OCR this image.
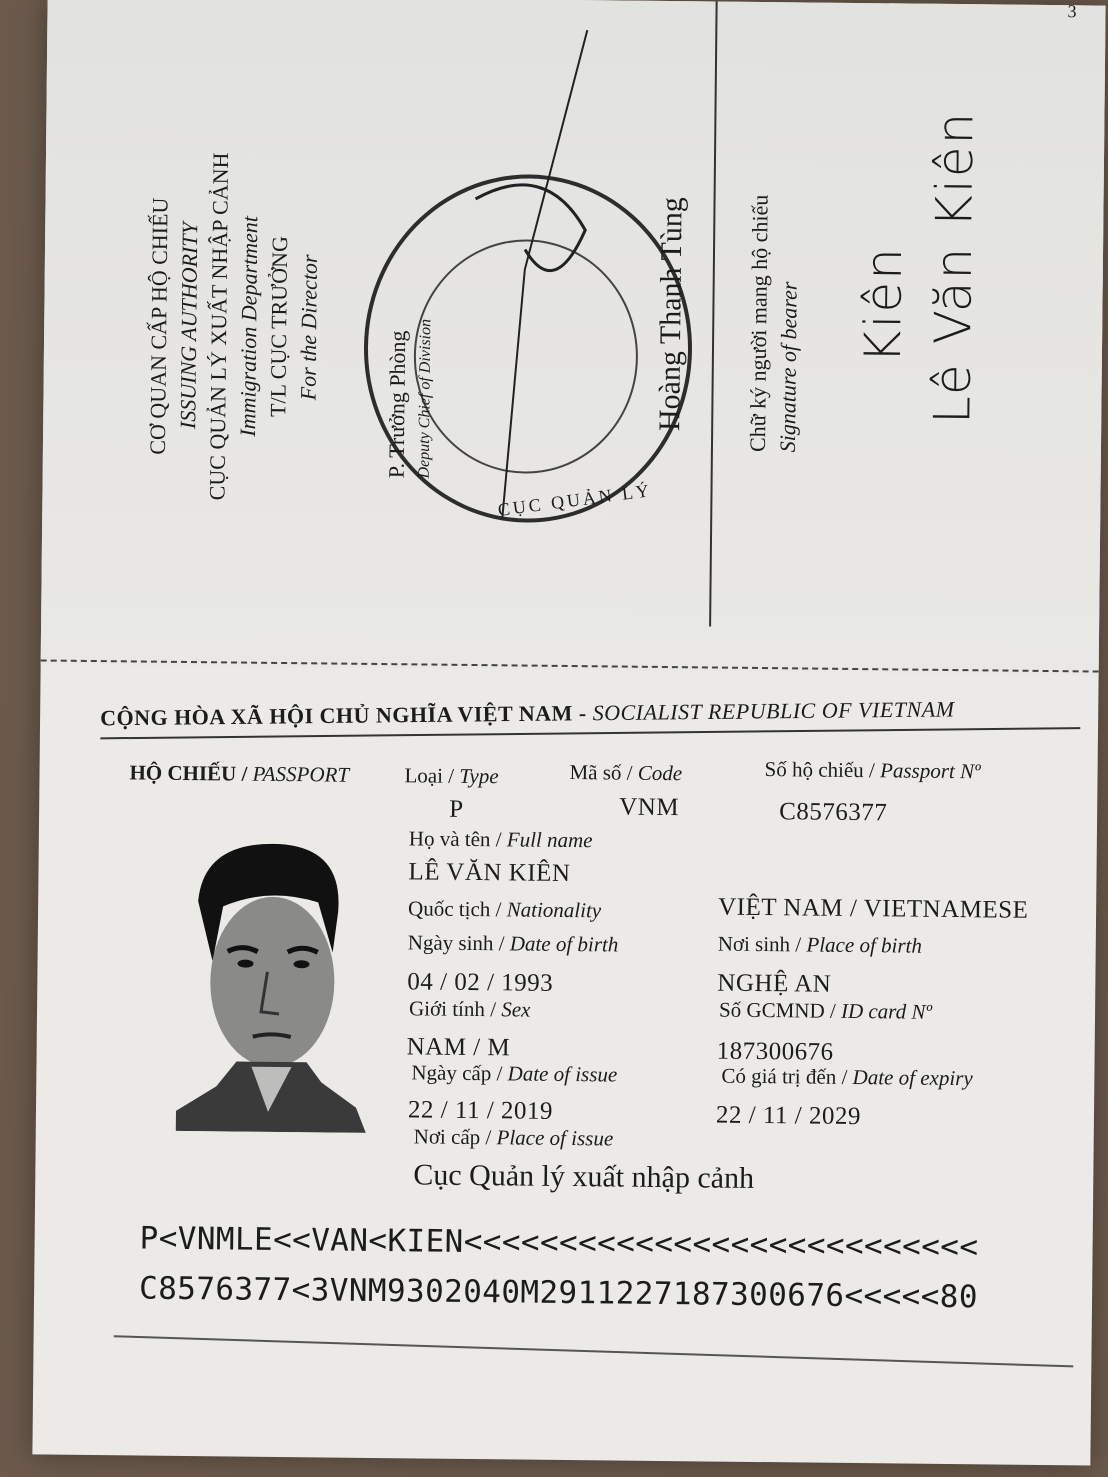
3
CƠ QUAN CẤP HỘ CHIẾU ISSUING AUTHORITY CỤC QUẢN LÝ XUẤT NHẬP CẢNH Immigration Department T/L CỤC TRƯỞNG For the Director
P. Trưởng Phòng Deputy Chief of Division
CỤC QUẢN LÝ
Hoàng Thanh Tùng	Chữ ký người mang hộ chiếu Signature of bearer Kiên Lê Văn Kiên
CỘNG HÒA XÃ HỘI CHỦ NGHĨA VIỆT NAM - SOCIALIST REPUBLIC OF VIETNAM
HỘ CHIẾU / PASSPORT	Loại / Type
P
Mã số / Code
VNM
Số hộ chiếu / Passport Nº
C8576377
Họ và tên / Full name
LÊ VĂN KIÊN
Quốc tịch / Nationality	VIỆT NAM / VIETNAMESE
Ngày sinh / Date of birth	Nơi sinh / Place of birth
04 / 02 / 1993	NGHỆ AN
Giới tính / Sex	Số GCMND / ID card Nº
NAM / M	187300676
Ngày cấp / Date of issue	Có giá trị đến / Date of expiry
22 / 11 / 2019	22 / 11 / 2029
Nơi cấp / Place of issue
Cục Quản lý xuất nhập cảnh
P<VNMLE<<VAN<KIEN<<<<<<<<<<<<<<<<<<<<<<<<<<<
C8576377<3VNM9302040M2911227187300676<<<<<80
